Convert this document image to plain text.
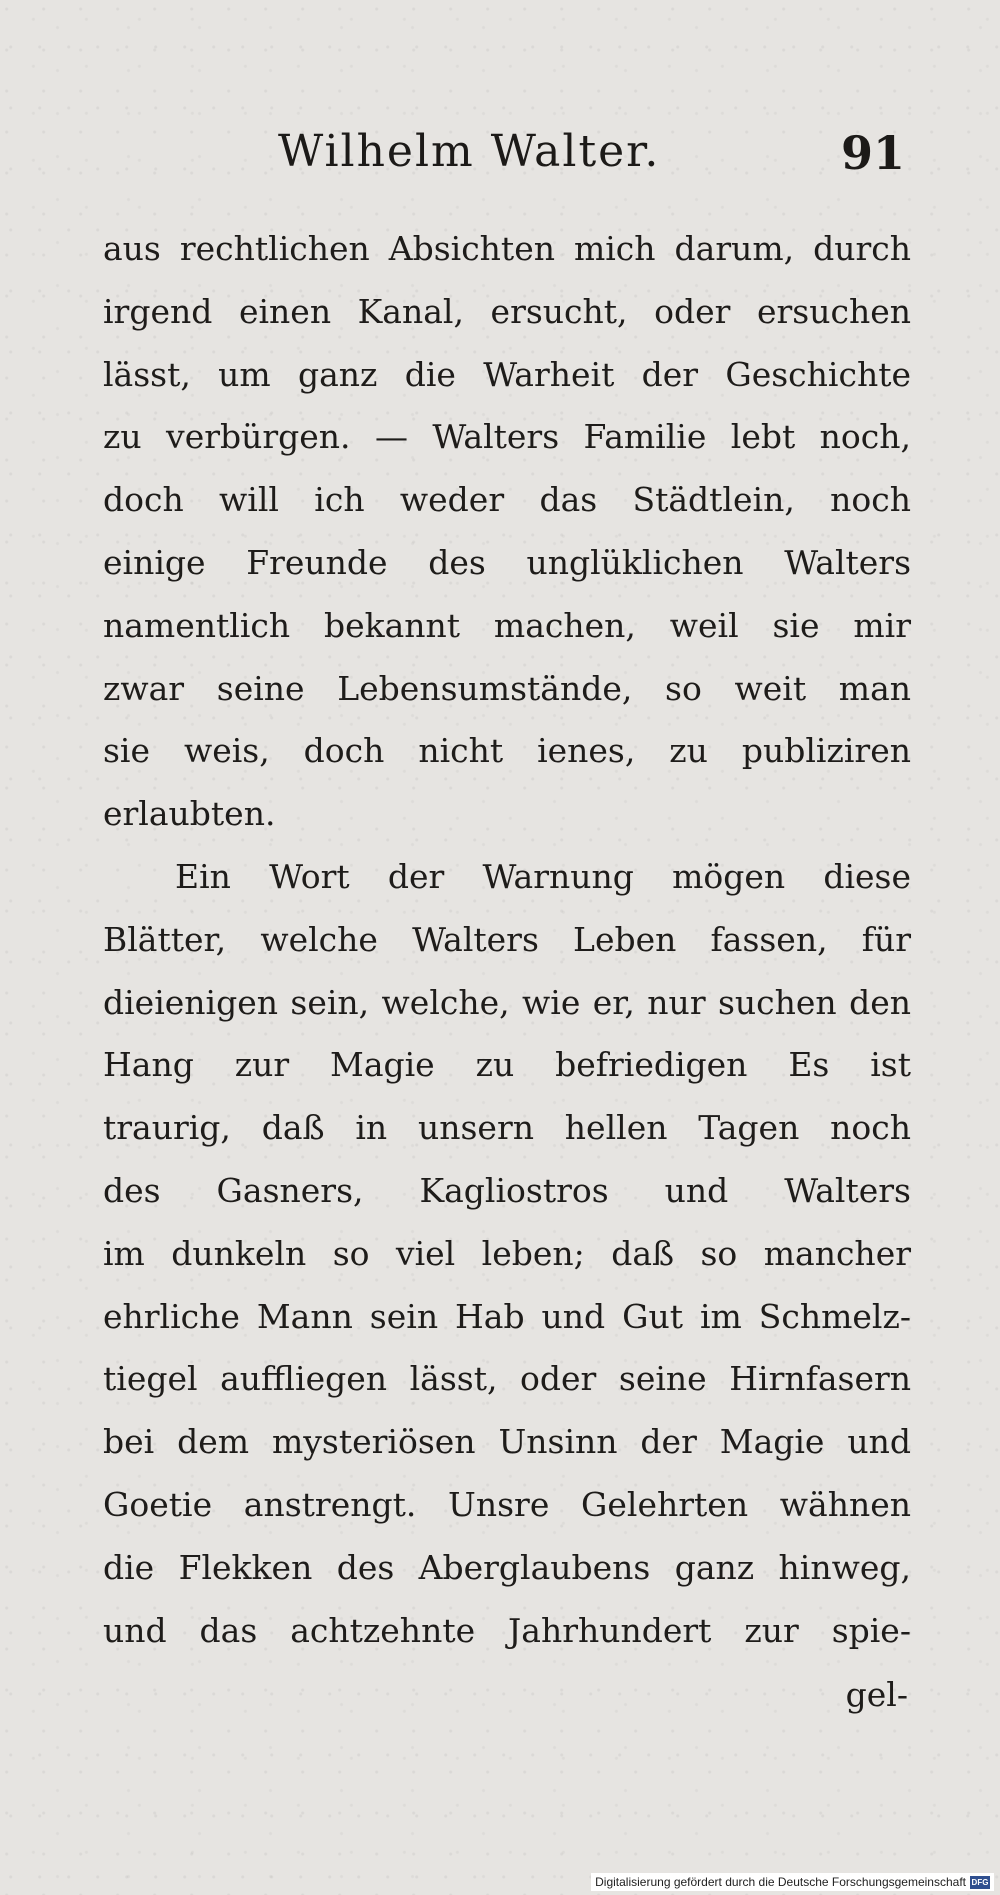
Wilhelm Walter.	91
aus rechtlichen Absichten mich darum, durch
irgend einen Kanal, ersucht, oder ersuchen
lässt, um ganz die Warheit der Geschichte
zu verbürgen. — Walters Familie lebt noch,
doch will ich weder das Städtlein, noch
einige Freunde des unglüklichen Walters
namentlich bekannt machen, weil sie mir
zwar seine Lebensumstände, so weit man
sie weis, doch nicht ienes, zu publiziren
erlaubten.
Ein Wort der Warnung mögen diese
Blätter, welche Walters Leben fassen, für
dieienigen sein, welche, wie er, nur suchen den
Hang zur Magie zu befriedigen Es ist
traurig, daß in unsern hellen Tagen noch
des Gasners, Kagliostros und Walters
im dunkeln so viel leben; daß so mancher
ehrliche Mann sein Hab und Gut im Schmelz-
tiegel auffliegen lässt, oder seine Hirnfasern
bei dem mysteriösen Unsinn der Magie und
Goetie anstrengt. Unsre Gelehrten wähnen
die Flekken des Aberglaubens ganz hinweg,
und das achtzehnte Jahrhundert zur spie-
gel-
Digitalisierung gefördert durch die Deutsche Forschungsgemeinschaft DFG
